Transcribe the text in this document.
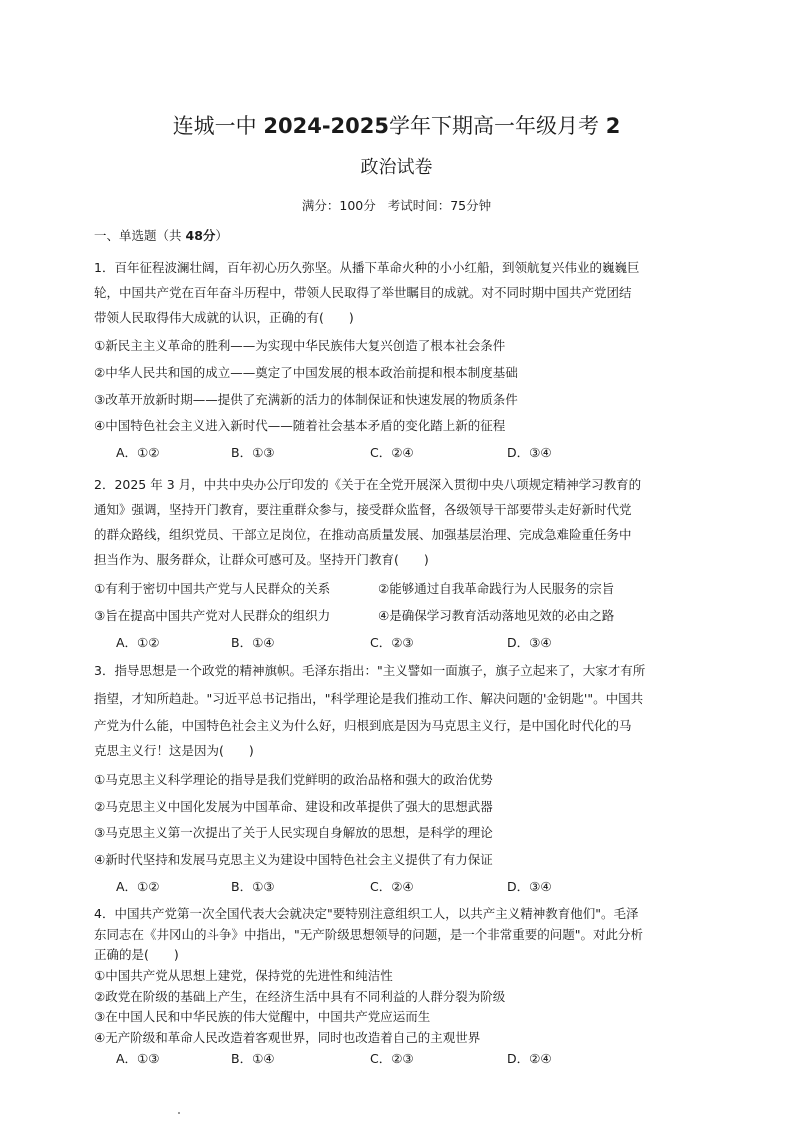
连城一中 2024-2025学年下期高一年级月考 2
政治试卷
满分：100分 考试时间：75分钟
一、单选题（共 48分）
1．百年征程波澜壮阔，百年初心历久弥坚。从播下革命火种的小小红船，到领航复兴伟业的巍巍巨
轮，中国共产党在百年奋斗历程中，带领人民取得了举世瞩目的成就。对不同时期中国共产党团结
带领人民取得伟大成就的认识，正确的有(　　)
①新民主主义革命的胜利——为实现中华民族伟大复兴创造了根本社会条件
②中华人民共和国的成立——奠定了中国发展的根本政治前提和根本制度基础
③改革开放新时期——提供了充满新的活力的体制保证和快速发展的物质条件
④中国特色社会主义进入新时代——随着社会基本矛盾的变化踏上新的征程
A．①②	B．①③	C．②④	D．③④
2．2025 年 3 月，中共中央办公厅印发的《关于在全党开展深入贯彻中央八项规定精神学习教育的
通知》强调，坚持开门教育，要注重群众参与，接受群众监督，各级领导干部要带头走好新时代党
的群众路线，组织党员、干部立足岗位，在推动高质量发展、加强基层治理、完成急难险重任务中
担当作为、服务群众，让群众可感可及。坚持开门教育(　　)
①有利于密切中国共产党与人民群众的关系	②能够通过自我革命践行为人民服务的宗旨
③旨在提高中国共产党对人民群众的组织力	④是确保学习教育活动落地见效的必由之路
A．①②	B．①④	C．②③	D．③④
3．指导思想是一个政党的精神旗帜。毛泽东指出："主义譬如一面旗子，旗子立起来了，大家才有所
指望，才知所趋赴。"习近平总书记指出，"科学理论是我们推动工作、解决问题的'金钥匙'"。中国共
产党为什么能，中国特色社会主义为什么好，归根到底是因为马克思主义行，是中国化时代化的马
克思主义行！这是因为(　　)
①马克思主义科学理论的指导是我们党鲜明的政治品格和强大的政治优势
②马克思主义中国化发展为中国革命、建设和改革提供了强大的思想武器
③马克思主义第一次提出了关于人民实现自身解放的思想，是科学的理论
④新时代坚持和发展马克思主义为建设中国特色社会主义提供了有力保证
A．①②	B．①③	C．②④	D．③④
4．中国共产党第一次全国代表大会就决定"要特别注意组织工人，以共产主义精神教育他们"。毛泽
东同志在《井冈山的斗争》中指出，"无产阶级思想领导的问题，是一个非常重要的问题"。对此分析
正确的是(　　)
①中国共产党从思想上建党，保持党的先进性和纯洁性
②政党在阶级的基础上产生，在经济生活中具有不同利益的人群分裂为阶级
③在中国人民和中华民族的伟大觉醒中，中国共产党应运而生
④无产阶级和革命人民改造着客观世界，同时也改造着自己的主观世界
A．①③	B．①④	C．②③	D．②④
